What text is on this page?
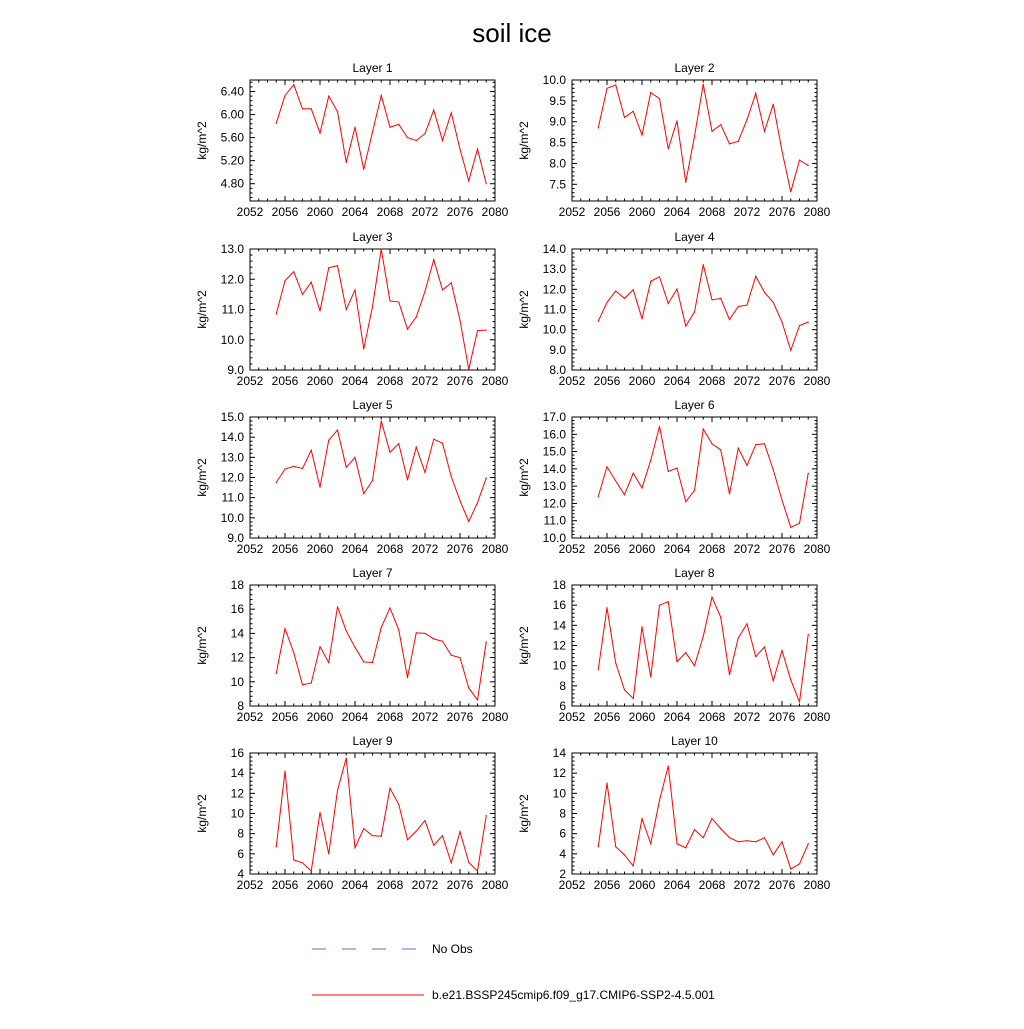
soil ice
Layer 1
2052 2056 2060 2064 2068 2072 2076 2080
4.80
5.20
5.60
6.00
6.40
kg/m^2
Layer 2
2052 2056 2060 2064 2068 2072 2076 2080
7.5
8.0
8.5
9.0
9.5
10.0
kg/m^2
Layer 3
2052 2056 2060 2064 2068 2072 2076 2080
9.0
10.0
11.0
12.0
13.0
kg/m^2
Layer 4
2052 2056 2060 2064 2068 2072 2076 2080
8.0
9.0
10.0
11.0
12.0
13.0
14.0
kg/m^2
Layer 5
2052 2056 2060 2064 2068 2072 2076 2080
9.0
10.0
11.0
12.0
13.0
14.0
15.0
kg/m^2
Layer 6
2052 2056 2060 2064 2068 2072 2076 2080
10.0
11.0
12.0
13.0
14.0
15.0
16.0
17.0
kg/m^2
Layer 7
2052 2056 2060 2064 2068 2072 2076 2080
8
10
12
14
16
18
kg/m^2
Layer 8
2052 2056 2060 2064 2068 2072 2076 2080
6
8
10
12
14
16
18
kg/m^2
Layer 9
2052 2056 2060 2064 2068 2072 2076 2080
4
6
8
10
12
14
16
kg/m^2
Layer 10
2052 2056 2060 2064 2068 2072 2076 2080
2
4
6
8
10
12
14
kg/m^2
No Obs
b.e21.BSSP245cmip6.f09_g17.CMIP6-SSP2-4.5.001
